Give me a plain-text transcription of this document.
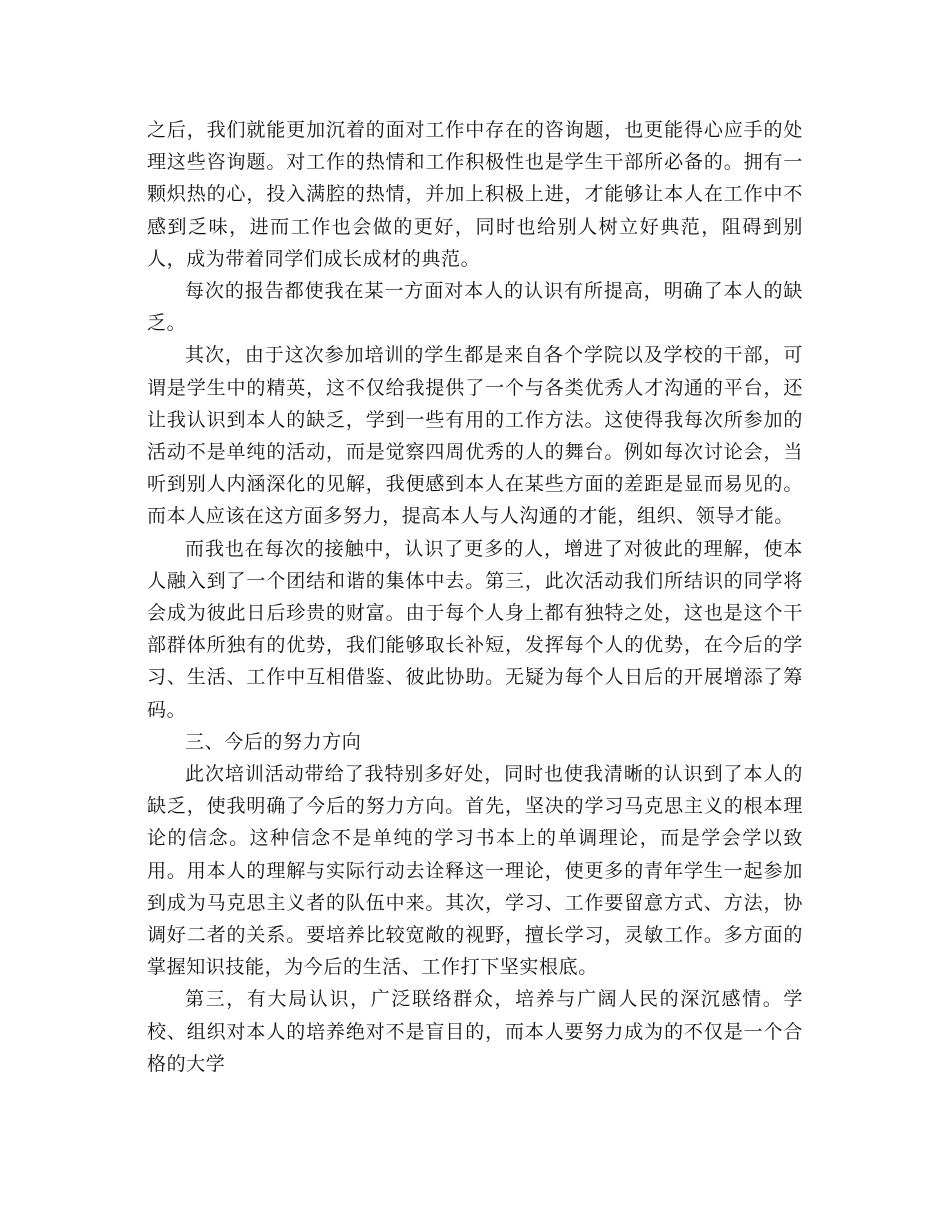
之后，我们就能更加沉着的面对工作中存在的咨询题，也更能得心应手的处理这些咨询题。对工作的热情和工作积极性也是学生干部所必备的。拥有一颗炽热的心，投入满腔的热情，并加上积极上进，才能够让本人在工作中不感到乏味，进而工作也会做的更好，同时也给别人树立好典范，阻碍到别人，成为带着同学们成长成材的典范。

每次的报告都使我在某一方面对本人的认识有所提高，明确了本人的缺乏。

其次，由于这次参加培训的学生都是来自各个学院以及学校的干部，可谓是学生中的精英，这不仅给我提供了一个与各类优秀人才沟通的平台，还让我认识到本人的缺乏，学到一些有用的工作方法。这使得我每次所参加的活动不是单纯的活动，而是觉察四周优秀的人的舞台。例如每次讨论会，当听到别人内涵深化的见解，我便感到本人在某些方面的差距是显而易见的。而本人应该在这方面多努力，提高本人与人沟通的才能，组织、领导才能。

而我也在每次的接触中，认识了更多的人，增进了对彼此的理解，使本人融入到了一个团结和谐的集体中去。第三，此次活动我们所结识的同学将会成为彼此日后珍贵的财富。由于每个人身上都有独特之处，这也是这个干部群体所独有的优势，我们能够取长补短，发挥每个人的优势，在今后的学习、生活、工作中互相借鉴、彼此协助。无疑为每个人日后的开展增添了筹码。

三、今后的努力方向

此次培训活动带给了我特别多好处，同时也使我清晰的认识到了本人的缺乏，使我明确了今后的努力方向。首先，坚决的学习马克思主义的根本理论的信念。这种信念不是单纯的学习书本上的单调理论，而是学会学以致用。用本人的理解与实际行动去诠释这一理论，使更多的青年学生一起参加到成为马克思主义者的队伍中来。其次，学习、工作要留意方式、方法，协调好二者的关系。要培养比较宽敞的视野，擅长学习，灵敏工作。多方面的掌握知识技能，为今后的生活、工作打下坚实根底。

第三，有大局认识，广泛联络群众，培养与广阔人民的深沉感情。学校、组织对本人的培养绝对不是盲目的，而本人要努力成为的不仅是一个合格的大学
